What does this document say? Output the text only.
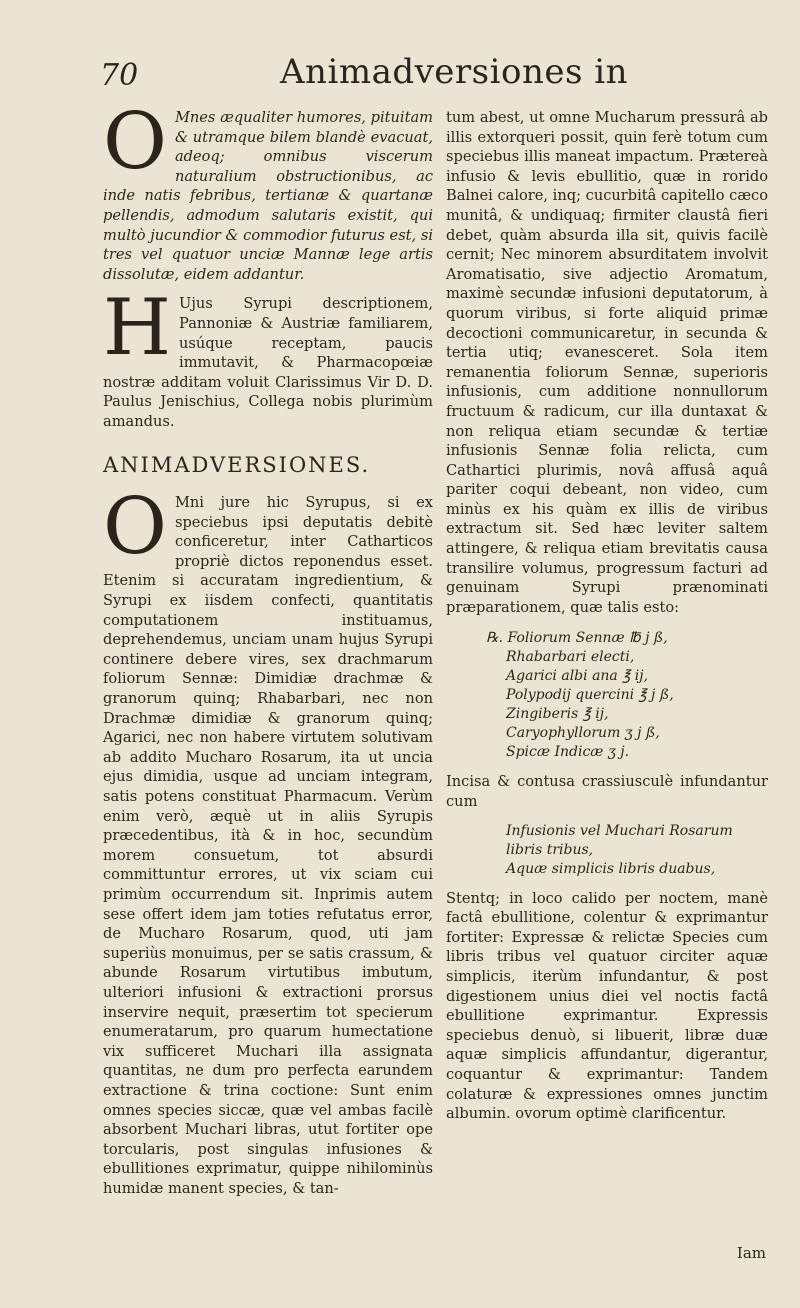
70	Animadversiones in

O Mnes æqualiter humores, pituitam & utramque bilem blandè evacuat, adeoq; omnibus viscerum naturalium obstructionibus, ac inde natis febribus, tertianæ & quartanæ pellendis, admodum salutaris existit, qui multò jucundior & commodior futurus est, si tres vel quatuor unciæ Mannæ lege artis dissolutæ, eidem addantur.

H Ujus Syrupi descriptionem, Pannoniæ & Austriæ familiarem, usúque receptam, paucis immutavit, & Pharmacopœiæ nostræ additam voluit Clarissimus Vir D. D. Paulus Jenischius, Collega nobis plurimùm amandus.

ANIMADVERSIONES.

O Mni jure hic Syrupus, si ex speciebus ipsi deputatis debitè conficeretur, inter Catharticos propriè dictos reponendus esset. Etenim si accuratam ingredientium, & Syrupi ex iisdem confecti, quantitatis computationem instituamus, deprehendemus, unciam unam hujus Syrupi continere debere vires, sex drachmarum foliorum Sennæ: Dimidiæ drachmæ & granorum quinq; Rhabarbari, nec non Drachmæ dimidiæ & granorum quinq; Agarici, nec non habere virtutem solutivam ab addito Mucharo Rosarum, ita ut uncia ejus dimidia, usque ad unciam integram, satis potens constituat Pharmacum. Verùm enim verò, æquè ut in aliis Syrupis præcedentibus, ità & in hoc, secundùm morem consuetum, tot absurdi committuntur errores, ut vix sciam cui primùm occurrendum sit. Inprimis autem sese offert idem jam toties refutatus error, de Mucharo Rosarum, quod, uti jam superiùs monuimus, per se satis crassum, & abunde Rosarum virtutibus imbutum, ulteriori infusioni & extractioni prorsus inservire nequit, præsertim tot specierum enumeratarum, pro quarum humectatione vix sufficeret Muchari illa assignata quantitas, ne dum pro perfecta earundem extractione & trina coctione: Sunt enim omnes species siccæ, quæ vel ambas facilè absorbent Muchari libras, utut fortiter ope torcularis, post singulas infusiones & ebullitiones exprimatur, quippe nihilominùs humidæ manent species, & tan-

tum abest, ut omne Mucharum pressurâ ab illis extorqueri possit, quin ferè totum cum speciebus illis maneat impactum. Prætereà infusio & levis ebullitio, quæ in rorido Balnei calore, inq; cucurbitâ capitello cæco munitâ, & undiquaq; firmiter claustâ fieri debet, quàm absurda illa sit, quivis facilè cernit; Nec minorem absurditatem involvit Aromatisatio, sive adjectio Aromatum, maximè secundæ infusioni deputatorum, à quorum viribus, si forte aliquid primæ decoctioni communicaretur, in secunda & tertia utiq; evanesceret. Sola item remanentia foliorum Sennæ, superioris infusionis, cum additione nonnullorum fructuum & radicum, cur illa duntaxat & non reliqua etiam secundæ & tertiæ infusionis Sennæ folia relicta, cum Cathartici plurimis, novâ affusâ aquâ pariter coqui debeant, non video, cum minùs ex his quàm ex illis de viribus extractum sit. Sed hæc leviter saltem attingere, & reliqua etiam brevitatis causa transilire volumus, progressum facturi ad genuinam Syrupi prænominati præparationem, quæ talis esto:

℞. Foliorum Sennæ ℔ j ß,
Rhabarbari electi,
Agarici albi ana ℥ ij,
Polypodij quercini ℥ j ß,
Zingiberis ℥ ij,
Caryophyllorum ʒ j ß,
Spicæ Indicæ ʒ j.

Incisa & contusa crassiusculè infundantur cum

Infusionis vel Muchari Rosarum libris tribus,
Aquæ simplicis libris duabus,

Stentq; in loco calido per noctem, manè factâ ebullitione, colentur & exprimantur fortiter: Expressæ & relictæ Species cum libris tribus vel quatuor circiter aquæ simplicis, iterùm infundantur, & post digestionem unius diei vel noctis factâ ebullitione exprimantur. Expressis speciebus denuò, si libuerit, libræ duæ aquæ simplicis affundantur, digerantur, coquantur & exprimantur: Tandem colaturæ & expressiones omnes junctim albumin. ovorum optimè clarificentur.

Iam
